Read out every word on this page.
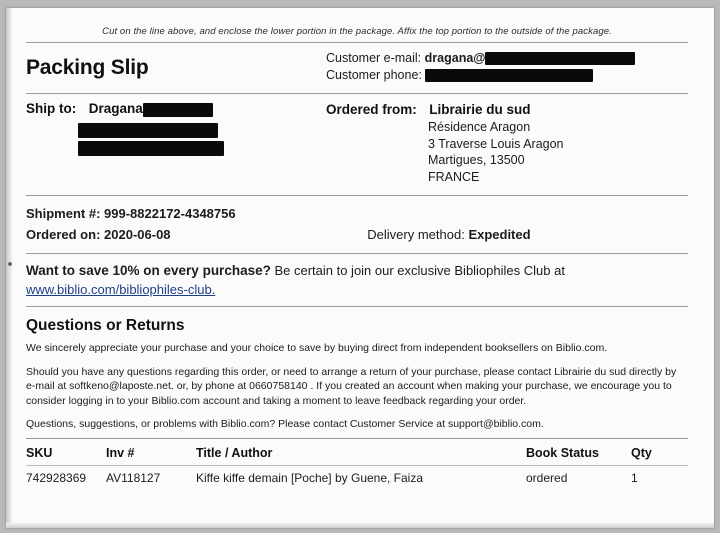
Cut on the line above, and enclose the lower portion in the package. Affix the top portion to the outside of the package.
Packing Slip	Customer e-mail: dragana@
Customer phone:
Ship to: Dragana	Ordered from: Librairie du sud
Résidence Aragon
3 Traverse Louis Aragon
Martigues, 13500
FRANCE
Shipment #: 999-8822172-4348756
Ordered on: 2020-06-08	Delivery method: Expedited
Want to save 10% on every purchase? Be certain to join our exclusive Bibliophiles Club at
www.biblio.com/bibliophiles-club.
Questions or Returns
We sincerely appreciate your purchase and your choice to save by buying direct from independent booksellers on Biblio.com.
Should you have any questions regarding this order, or need to arrange a return of your purchase, please contact Librairie du sud directly by e-mail at softkeno@laposte.net. or, by phone at 0660758140 . If you created an account when making your purchase, we encourage you to consider logging in to your Biblio.com account and taking a moment to leave feedback regarding your order.
Questions, suggestions, or problems with Biblio.com? Please contact Customer Service at support@biblio.com.
SKU	Inv #	Title / Author	Book Status	Qty
742928369	AV118127	Kiffe kiffe demain [Poche] by Guene, Faiza	ordered	1
